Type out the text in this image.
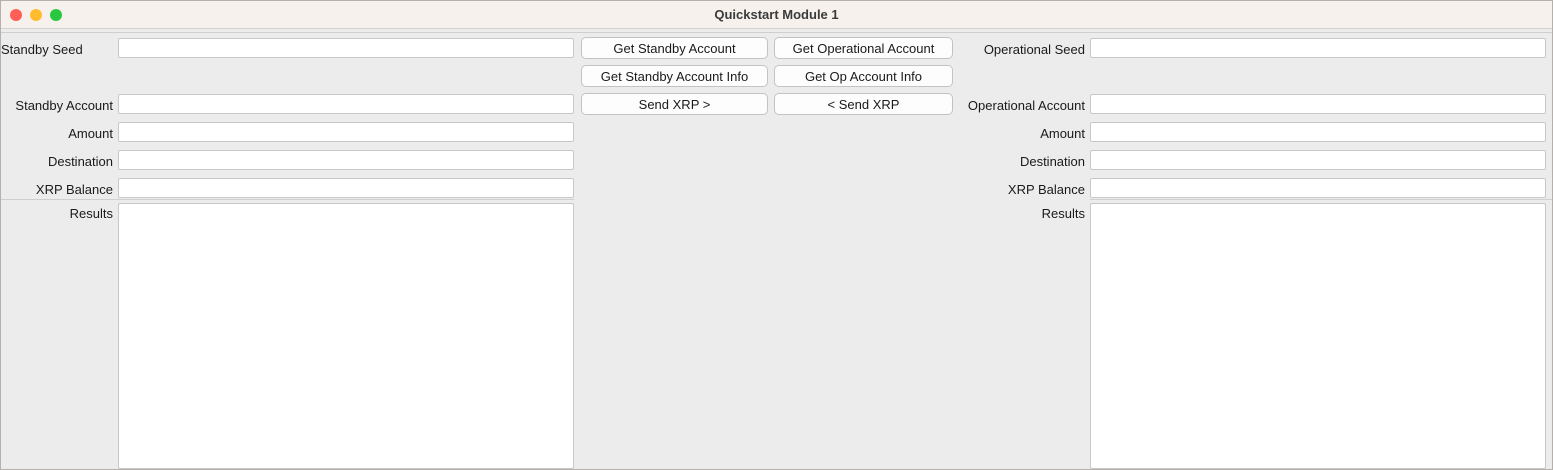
Quickstart Module 1
Standby Seed	Get Standby Account	Get Operational Account	Operational Seed
Get Standby Account Info	Get Op Account Info
Standby Account	Send XRP >	< Send XRP	Operational Account
Amount	Amount
Destination	Destination
XRP Balance	XRP Balance
Results	Results
